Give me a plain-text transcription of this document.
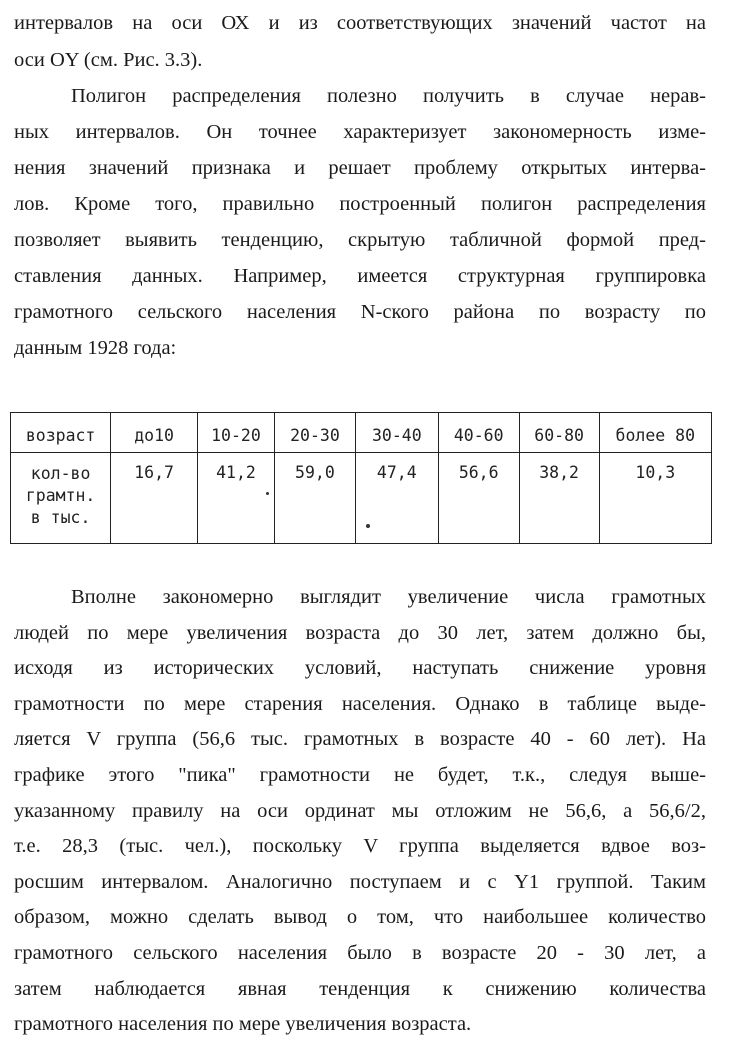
интервалов на оси ОХ и из соответствующих значений частот на
оси OY (см. Рис. 3.3).
Полигон распределения полезно получить в случае нерав-
ных интервалов. Он точнее характеризует закономерность изме-
нения значений признака и решает проблему открытых интерва-
лов. Кроме того, правильно построенный полигон распределения
позволяет выявить тенденцию, скрытую табличной формой пред-
ставления данных. Например, имеется структурная группировка
грамотного сельского населения N-ского района по возрасту по
данным 1928 года:
возраст	до10	10-20	20-30	30-40	40-60	60-80	более 80

кол-во
грамтн.
в тыс.	16,7	41,2	59,0	47,4	56,6	38,2	10,3
Вполне закономерно выглядит увеличение числа грамотных
людей по мере увеличения возраста до 30 лет, затем должно бы,
исходя из исторических условий, наступать снижение уровня
грамотности по мере старения населения. Однако в таблице выде-
ляется V группа (56,6 тыс. грамотных в возрасте 40 - 60 лет). На
графике этого "пика" грамотности не будет, т.к., следуя выше-
указанному правилу на оси ординат мы отложим не 56,6, а 56,6/2,
т.е. 28,3 (тыс. чел.), поскольку V группа выделяется вдвое воз-
росшим интервалом. Аналогично поступаем и с Y1 группой. Таким
образом, можно сделать вывод о том, что наибольшее количество
грамотного сельского населения было в возрасте 20 - 30 лет, а
затем наблюдается явная тенденция к снижению количества
грамотного населения по мере увеличения возраста.
